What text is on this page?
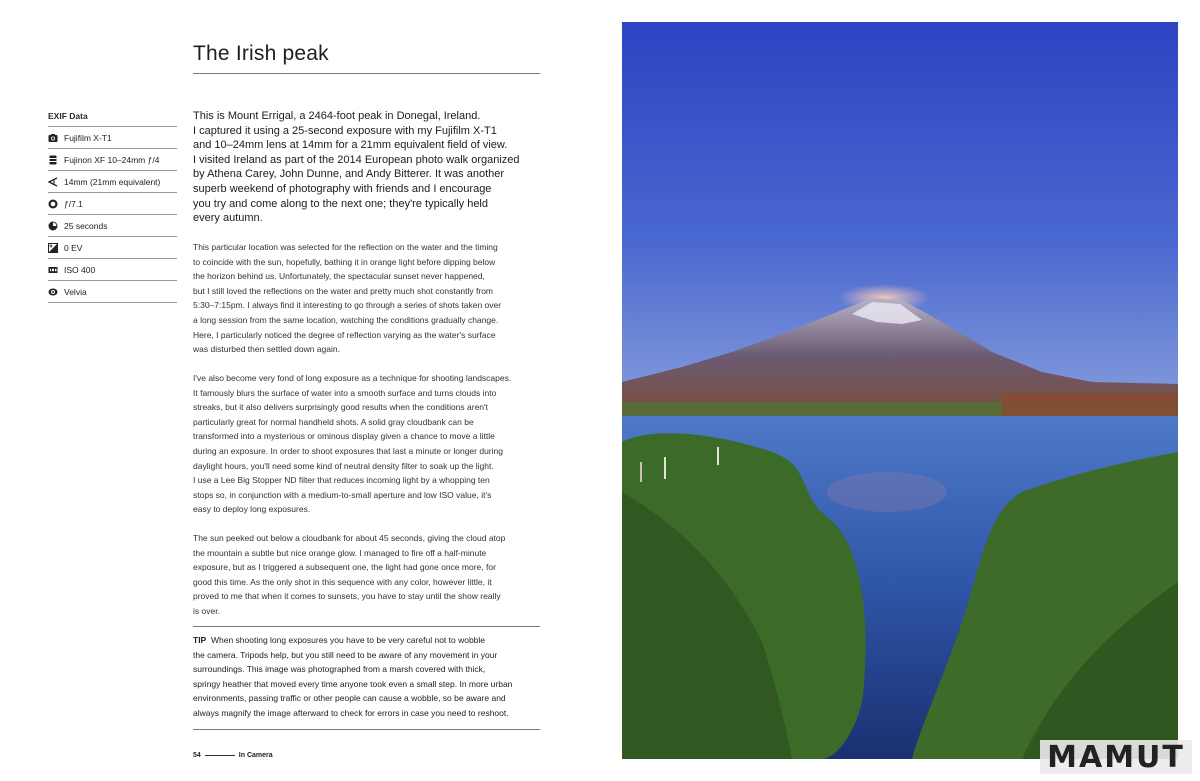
The Irish peak
EXIF Data
Fujifilm X-T1
Fujinon XF 10–24mm ƒ/4
14mm (21mm equivalent)
ƒ/7.1
25 seconds
0 EV
ISO 400
Velvia
This is Mount Errigal, a 2464-foot peak in Donegal, Ireland.
I captured it using a 25-second exposure with my Fujifilm X-T1
and 10–24mm lens at 14mm for a 21mm equivalent field of view.
I visited Ireland as part of the 2014 European photo walk organized
by Athena Carey, John Dunne, and Andy Bitterer. It was another
superb weekend of photography with friends and I encourage
you try and come along to the next one; they're typically held
every autumn.
This particular location was selected for the reflection on the water and the timing
to coincide with the sun, hopefully, bathing it in orange light before dipping below
the horizon behind us. Unfortunately, the spectacular sunset never happened,
but I still loved the reflections on the water and pretty much shot constantly from
5:30–7:15pm. I always find it interesting to go through a series of shots taken over
a long session from the same location, watching the conditions gradually change.
Here, I particularly noticed the degree of reflection varying as the water's surface
was disturbed then settled down again.
I've also become very fond of long exposure as a technique for shooting landscapes.
It famously blurs the surface of water into a smooth surface and turns clouds into
streaks, but it also delivers surprisingly good results when the conditions aren't
particularly great for normal handheld shots. A solid gray cloudbank can be
transformed into a mysterious or ominous display given a chance to move a little
during an exposure. In order to shoot exposures that last a minute or longer during
daylight hours, you'll need some kind of neutral density filter to soak up the light.
I use a Lee Big Stopper ND filter that reduces incoming light by a whopping ten
stops so, in conjunction with a medium-to-small aperture and low ISO value, it's
easy to deploy long exposures.
The sun peeked out below a cloudbank for about 45 seconds, giving the cloud atop
the mountain a subtle but nice orange glow. I managed to fire off a half-minute
exposure, but as I triggered a subsequent one, the light had gone once more, for
good this time. As the only shot in this sequence with any color, however little, it
proved to me that when it comes to sunsets, you have to stay until the show really
is over.
TIP When shooting long exposures you have to be very careful not to wobble
the camera. Tripods help, but you still need to be aware of any movement in your
surroundings. This image was photographed from a marsh covered with thick,
springy heather that moved every time anyone took even a small step. In more urban
environments, passing traffic or other people can cause a wobble, so be aware and
always magnify the image afterward to check for errors in case you need to reshoot.
54	In Camera	MAMUT
